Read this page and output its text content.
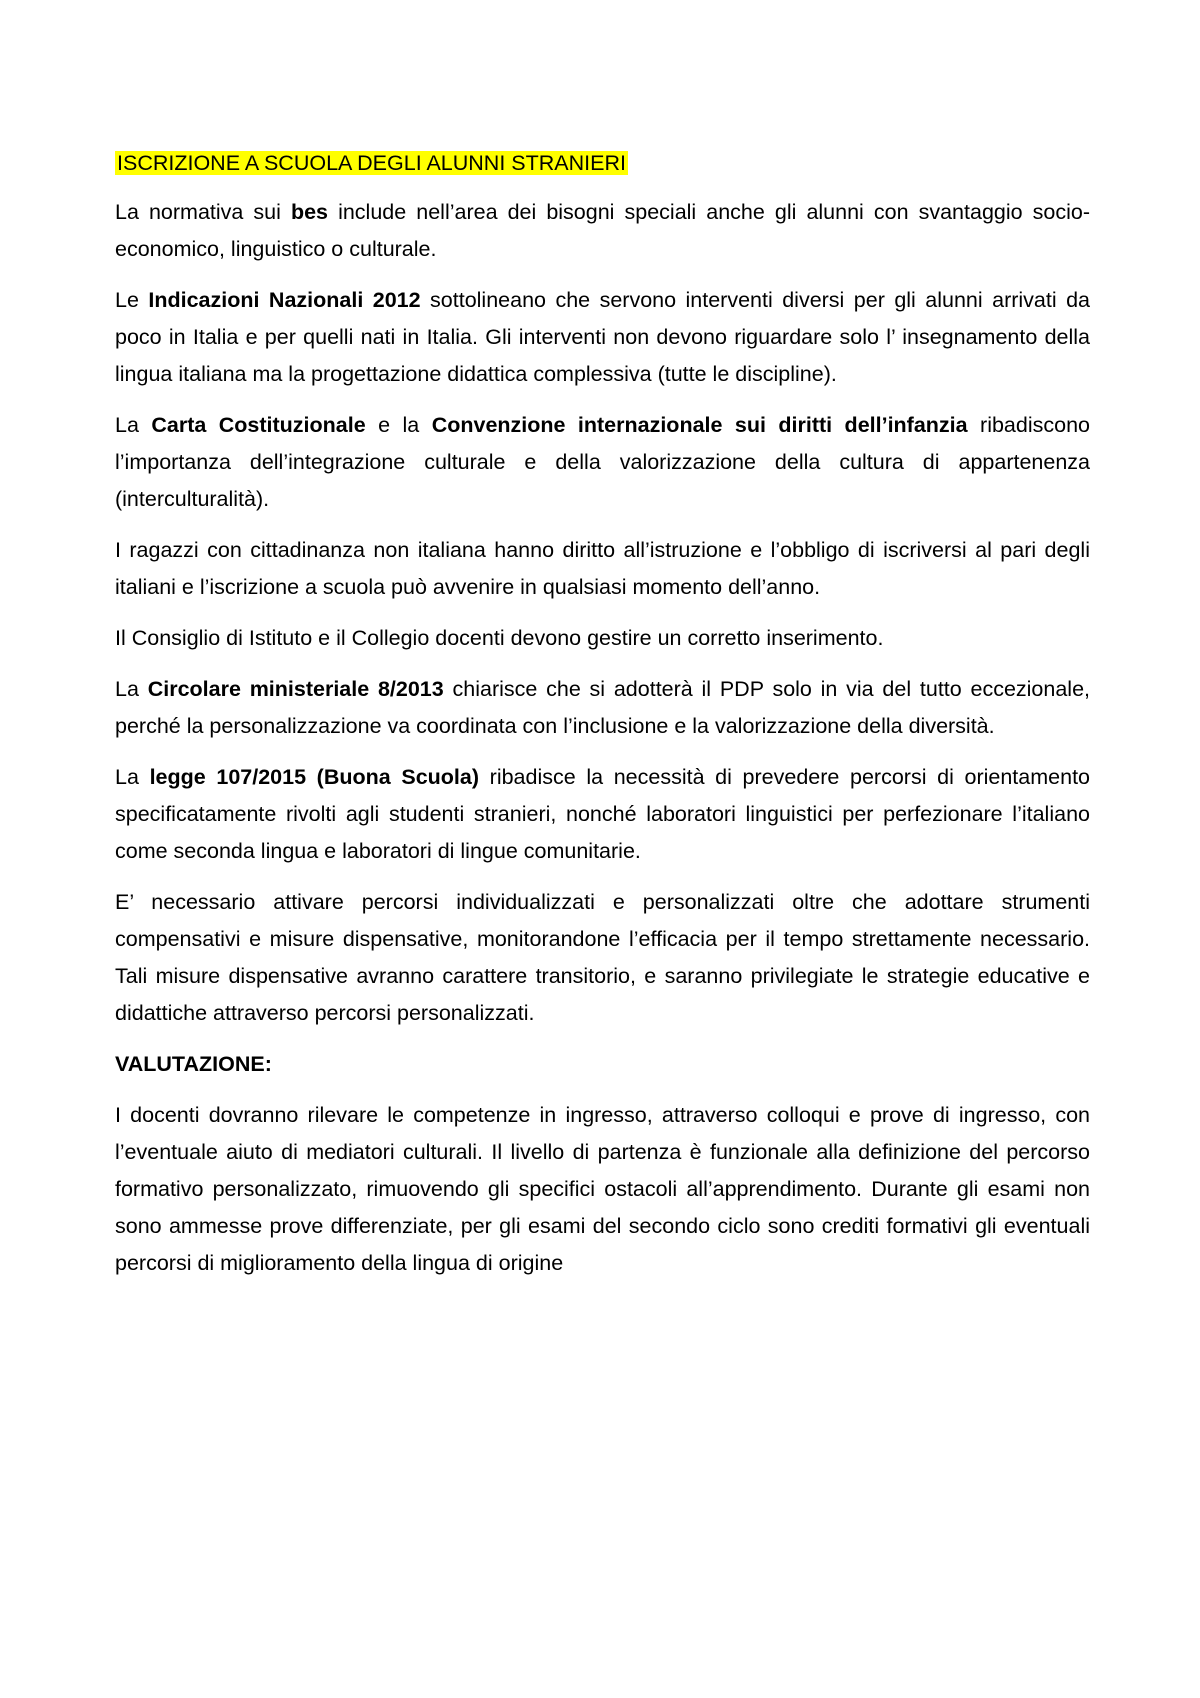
ISCRIZIONE A SCUOLA DEGLI ALUNNI STRANIERI

La normativa sui bes include nell’area dei bisogni speciali anche gli alunni con svantaggio socio-economico, linguistico o culturale.

Le Indicazioni Nazionali 2012 sottolineano che servono interventi diversi per gli alunni arrivati da poco in Italia e per quelli nati in Italia. Gli interventi non devono riguardare solo l’ insegnamento della lingua italiana ma la progettazione didattica complessiva (tutte le discipline).

La Carta Costituzionale e la Convenzione internazionale sui diritti dell’infanzia ribadiscono l’importanza dell’integrazione culturale e della valorizzazione della cultura di appartenenza (interculturalità).

I ragazzi con cittadinanza non italiana hanno diritto all’istruzione e l’obbligo di iscriversi al pari degli italiani e l’iscrizione a scuola può avvenire in qualsiasi momento dell’anno.

Il Consiglio di Istituto e il Collegio docenti devono gestire un corretto inserimento.

La Circolare ministeriale 8/2013 chiarisce che si adotterà il PDP solo in via del tutto eccezionale, perché la personalizzazione va coordinata con l’inclusione e la valorizzazione della diversità.

La legge 107/2015 (Buona Scuola) ribadisce la necessità di prevedere percorsi di orientamento specificatamente rivolti agli studenti stranieri, nonché laboratori linguistici per perfezionare l’italiano come seconda lingua e laboratori di lingue comunitarie.

E’ necessario attivare percorsi individualizzati e personalizzati oltre che adottare strumenti compensativi e misure dispensative, monitorandone l’efficacia per il tempo strettamente necessario. Tali misure dispensative avranno carattere transitorio, e saranno privilegiate le strategie educative e didattiche attraverso percorsi personalizzati.

VALUTAZIONE:

I docenti dovranno rilevare le competenze in ingresso, attraverso colloqui e prove di ingresso, con l’eventuale aiuto di mediatori culturali. Il livello di partenza è funzionale alla definizione del percorso formativo personalizzato, rimuovendo gli specifici ostacoli all’apprendimento. Durante gli esami non sono ammesse prove differenziate, per gli esami del secondo ciclo sono crediti formativi gli eventuali percorsi di miglioramento della lingua di origine
